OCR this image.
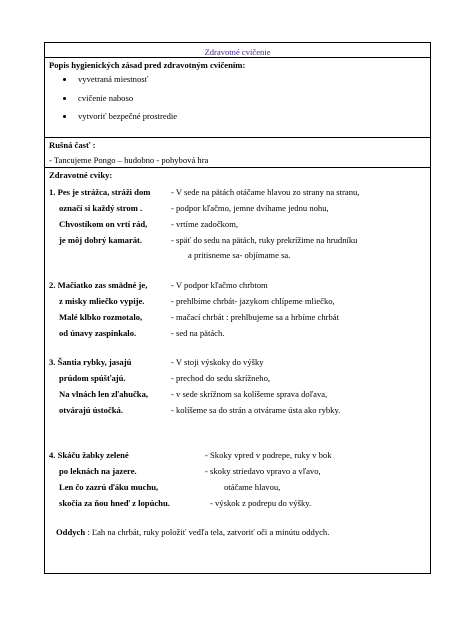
Zdravotné cvičenie
Popis hygienických zásad pred zdravotným cvičením:
vyvetraná miestnosť
cvičenie naboso
vytvoriť bezpečné prostredie
Rušná časť :
- Tancujeme Pongo – hudobno - pohybová hra
Zdravotné cviky:
1. Pes je strážca, stráži dom
označí si každý strom .
Chvostíkom on vrtí rád,
je môj dobrý kamarát.
- V sede na pätách otáčame hlavou zo strany na stranu,
- podpor kľačmo, jemne dvíhame jednu nohu,
- vrtíme zadočkom,
- späť do sedu na pätách, ruky prekrížime na hrudníku
a pritisneme sa- objímame sa.
2. Mačiatko zas smädné je,
z misky mliečko vypije.
Malé klbko rozmotalo,
od únavy zaspinkalo.
- V podpor kľačmo chrbtom
- prehlbíme chrbát- jazykom chlípeme mliečko,
- mačací chrbát : prehlbujeme sa a hrbíme chrbát
- sed na pätách.
3. Šantia rybky, jasajú
prúdom spúšťajú.
Na vlnách len zľahučka,
otvárajú ústočká.
- V stoji výskoky do výšky
- prechod do sedu skrížneho,
- v sede skrížnom sa kolíšeme sprava doľava,
- kolíšeme sa do strán a otvárame ústa ako rybky.
4. Skáču žabky zelené
po leknách na jazere.
Len čo zazrú ďáku muchu,
skočia za ňou hneď z lopúchu.
- Skoky vpred v podrepe, ruky v bok
- skoky striedavo vpravo a vľavo,
otáčame hlavou,
- výskok z podrepu do výšky.
Oddych : Ľah na chrbát, ruky položiť vedľa tela, zatvoriť oči a minútu oddych.
